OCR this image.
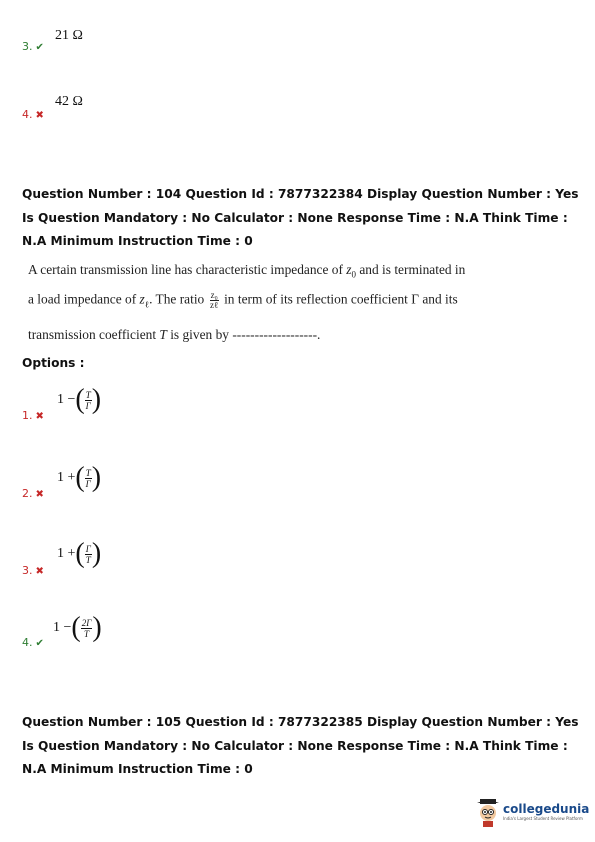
3. ✔
21 Ω
4. ✖
42 Ω
Question Number : 104 Question Id : 7877322384 Display Question Number : Yes Is Question Mandatory : No Calculator : None Response Time : N.A Think Time : N.A Minimum Instruction Time : 0
A certain transmission line has characteristic impedance of $z_0$ and is terminated in
a load impedance of $z_\ell$. The ratio $\frac{\text{z₀}}{\text{zℓ}}$ in term of its reflection coefficient Γ and its
transmission coefficient T is given by -------------------.
Options :
1. ✖
1 −( $\frac{T}{\Gamma}$ )
2. ✖
1 +( $\frac{T}{\Gamma}$ )
3. ✖
1 +( $\frac{\Gamma}{T}$ )
4. ✔
1 −( $\frac{2\Gamma}{T}$ )
Question Number : 105 Question Id : 7877322385 Display Question Number : Yes Is Question Mandatory : No Calculator : None Response Time : N.A Think Time : N.A Minimum Instruction Time : 0
collegedunia
India's Largest Student Review Platform
